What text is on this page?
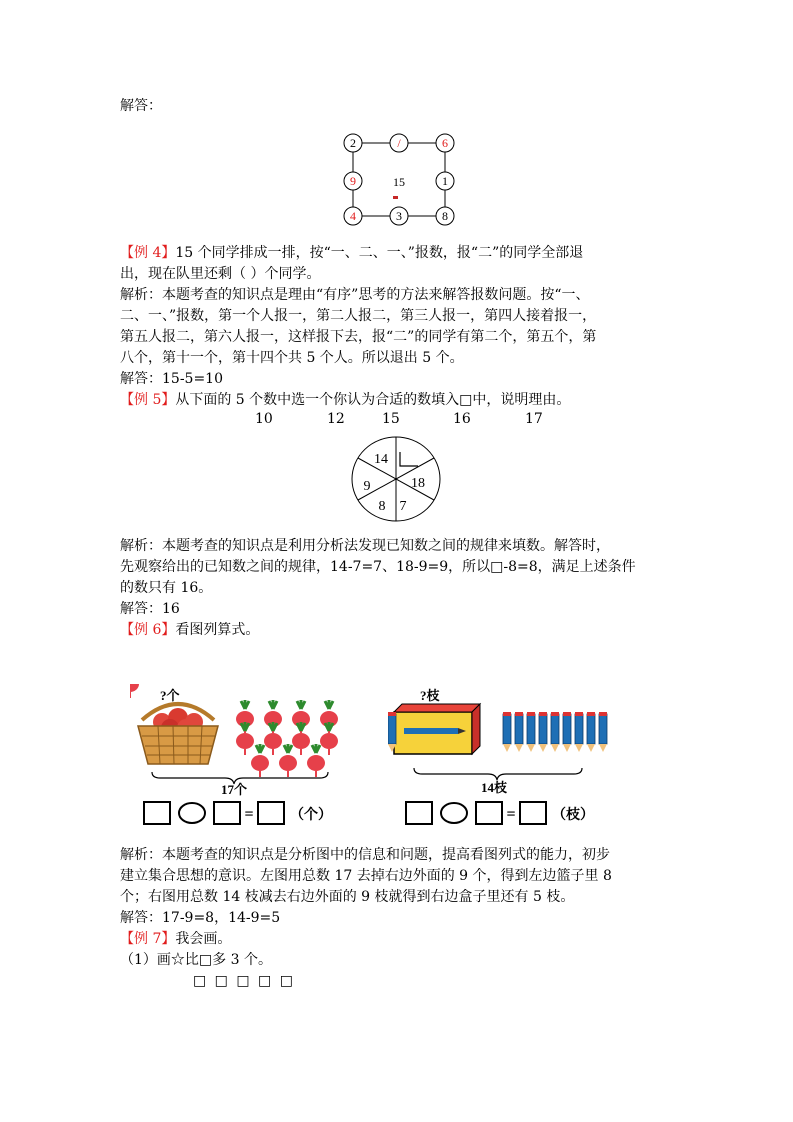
解答：
2	/	6
9	1
4	3	8
15
【例 4】15 个同学排成一排，按“一、二、一、”报数，报“二”的同学全部退
出，现在队里还剩（ ）个同学。
解析：本题考查的知识点是理由“有序”思考的方法来解答报数问题。按“一、
二、一、”报数，第一个人报一，第二人报二，第三人报一，第四人接着报一，
第五人报二，第六人报一，这样报下去，报“二”的同学有第二个，第五个，第
八个，第十一个，第十四个共 5 个人。所以退出 5 个。
解答：15-5=10
【例 5】从下面的 5 个数中选一个你认为合适的数填入□中，说明理由。
10	12	15	16	17
14
18
7
8
9
解析：本题考查的知识点是利用分析法发现已知数之间的规律来填数。解答时，
先观察给出的已知数之间的规律，14-7=7、18-9=9，所以□-8=8，满足上述条件
的数只有 16。
解答：16
【例 6】看图列算式。
?个
17个
=	（个）
?枝
14枝
=	（枝）
解析：本题考查的知识点是分析图中的信息和问题，提高看图列式的能力，初步
建立集合思想的意识。左图用总数 17 去掉右边外面的 9 个，得到左边篮子里 8
个；右图用总数 14 枝减去右边外面的 9 枝就得到右边盒子里还有 5 枝。
解答：17-9=8，14-9=5
【例 7】我会画。
（1）画☆比□多 3 个。
□ □ □ □ □
